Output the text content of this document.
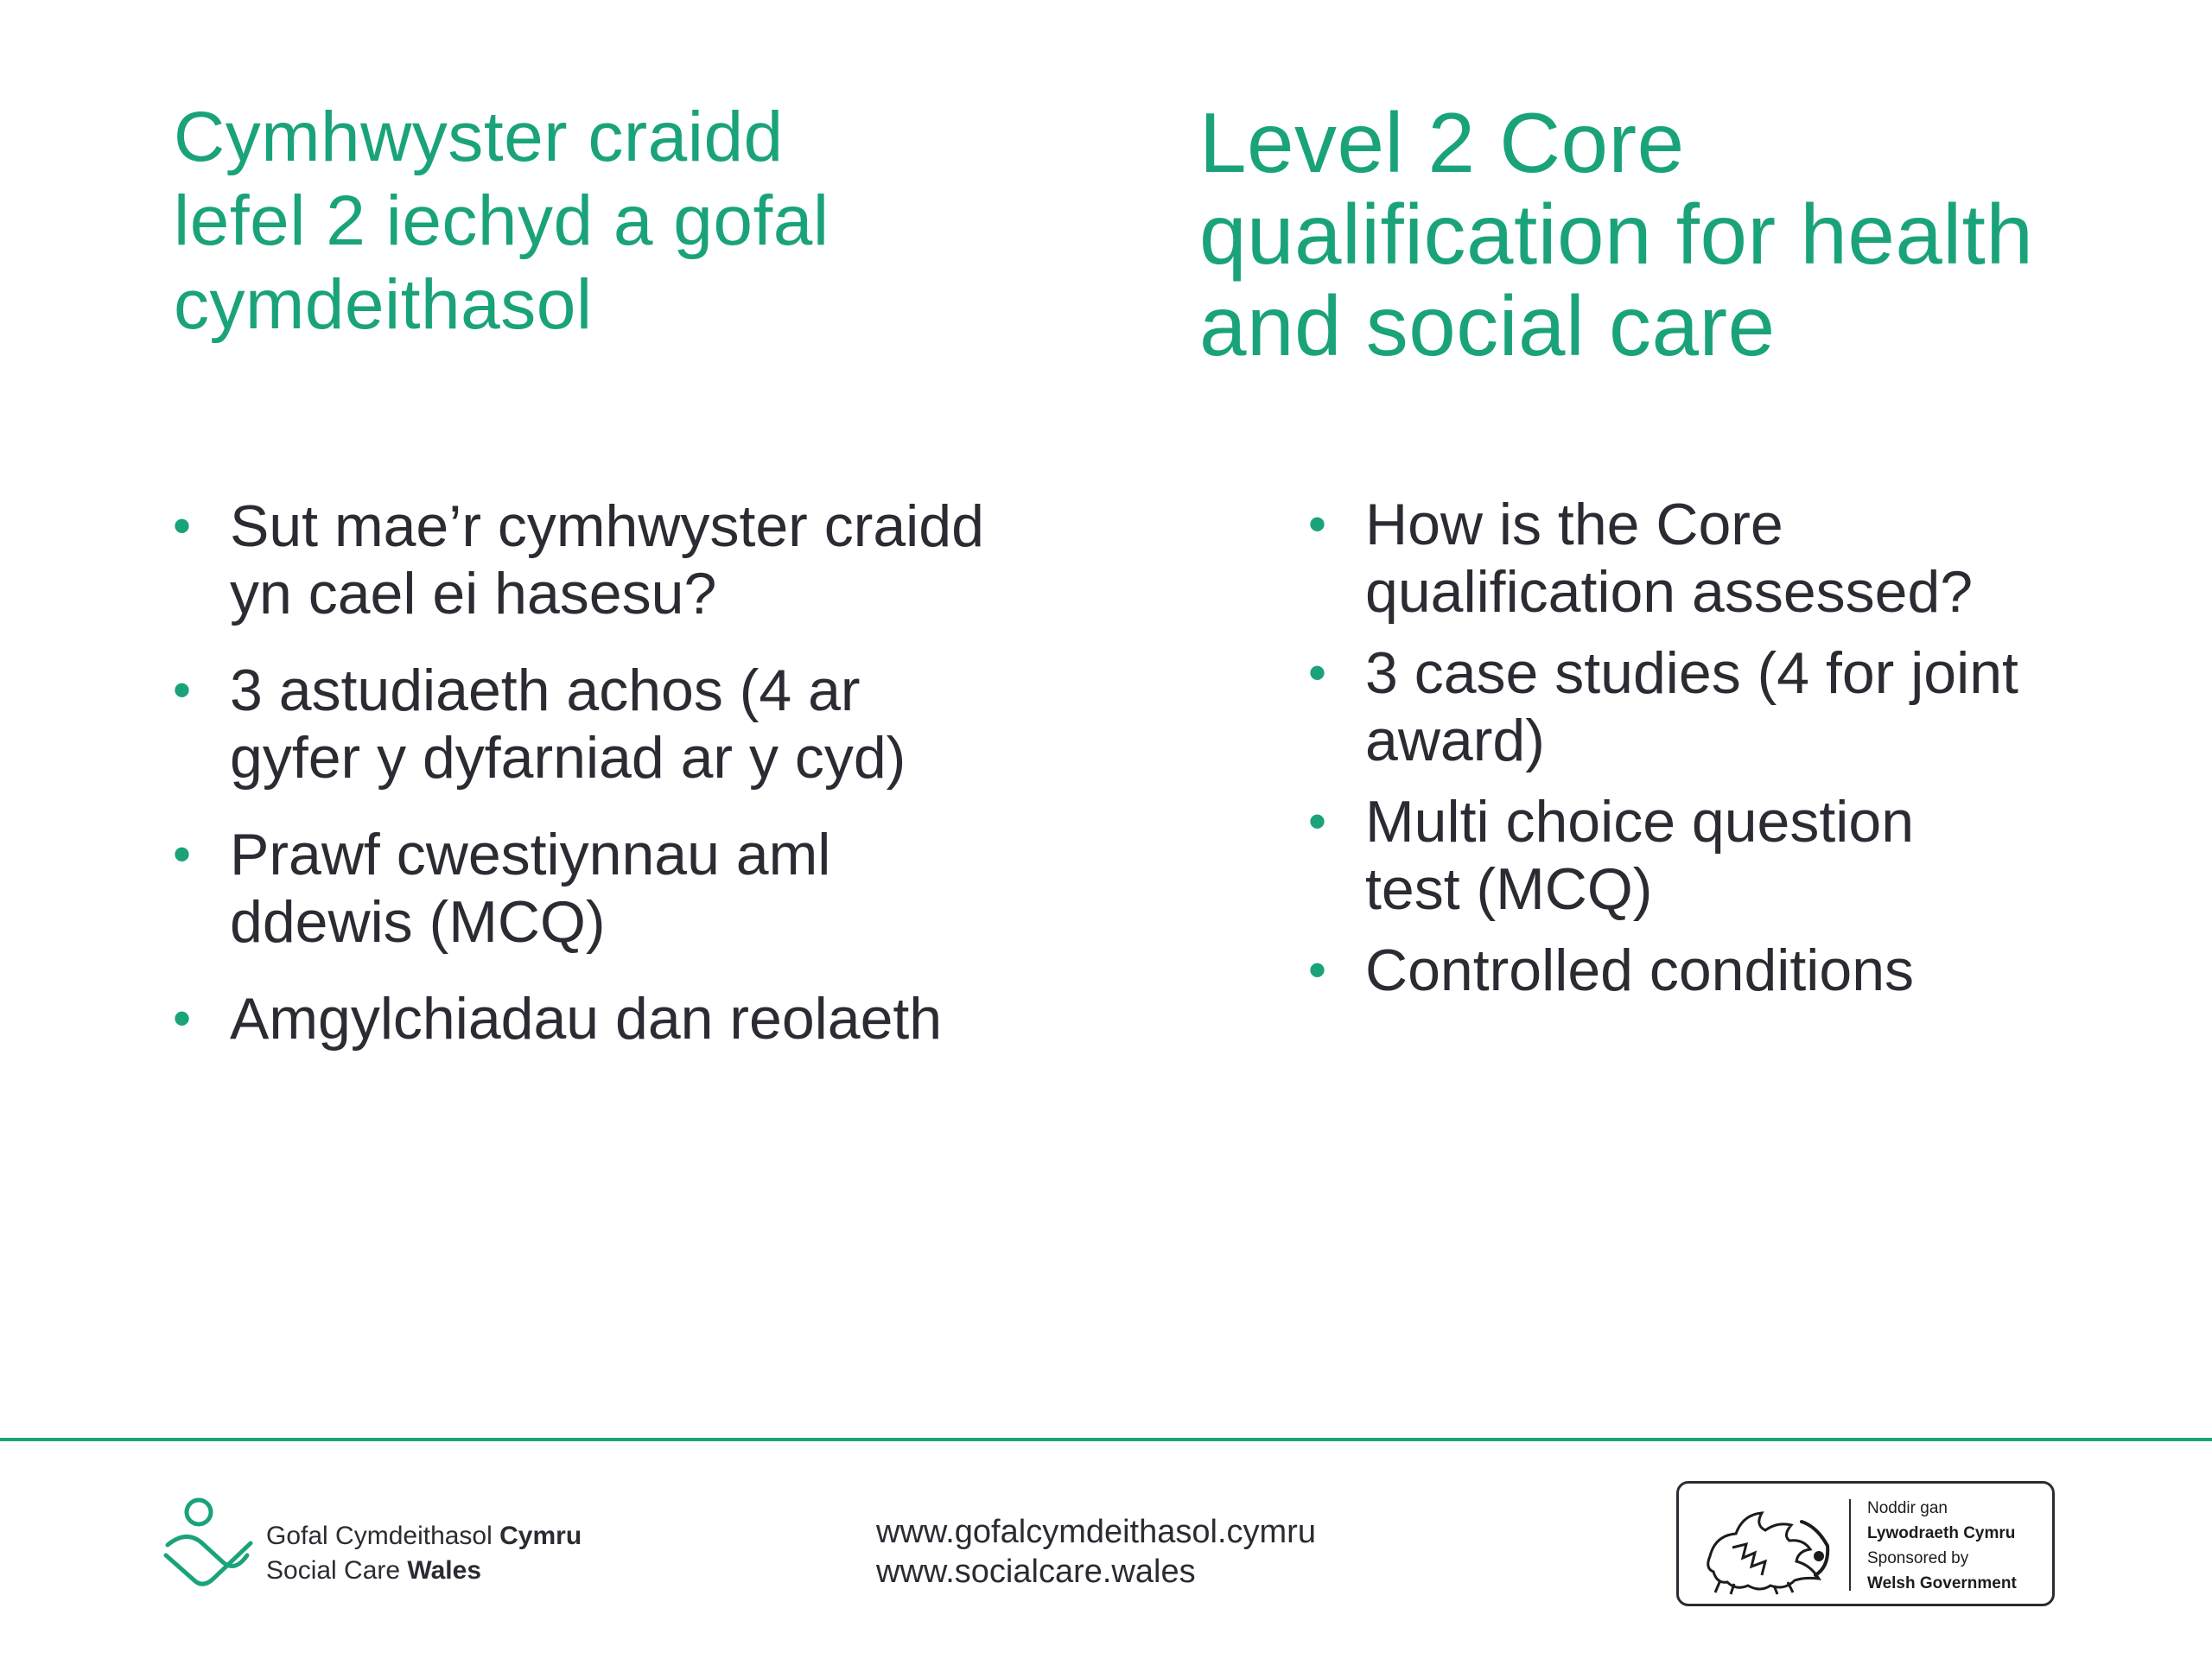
Cymhwyster craidd
lefel 2 iechyd a gofal
cymdeithasol
Level 2 Core
qualification for health
and social care
• Sut mae’r cymhwyster craidd
yn cael ei hasesu?
• 3 astudiaeth achos (4 ar
gyfer y dyfarniad ar y cyd)
• Prawf cwestiynnau aml
ddewis (MCQ)
• Amgylchiadau dan reolaeth
• How is the Core
qualification assessed?
• 3 case studies (4 for joint
award)
• Multi choice question
test (MCQ)
• Controlled conditions
Gofal Cymdeithasol Cymru
Social Care Wales
www.gofalcymdeithasol.cymru
www.socialcare.wales
Noddir gan
Lywodraeth Cymru
Sponsored by
Welsh Government
